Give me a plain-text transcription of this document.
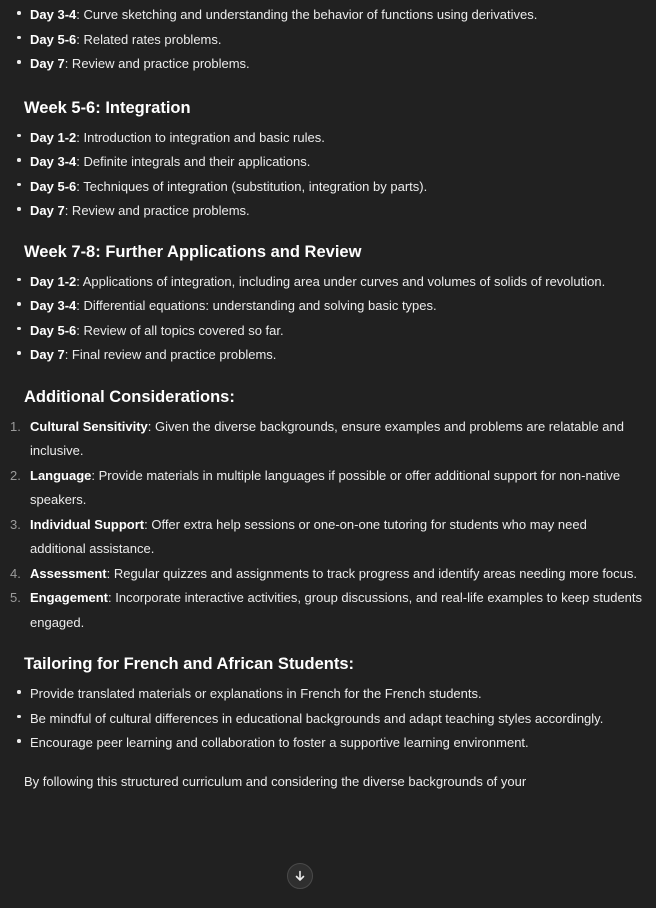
Day 3-4: Curve sketching and understanding the behavior of functions using derivatives.
Day 5-6: Related rates problems.
Day 7: Review and practice problems.
Week 5-6: Integration
Day 1-2: Introduction to integration and basic rules.
Day 3-4: Definite integrals and their applications.
Day 5-6: Techniques of integration (substitution, integration by parts).
Day 7: Review and practice problems.
Week 7-8: Further Applications and Review
Day 1-2: Applications of integration, including area under curves and volumes of solids of revolution.
Day 3-4: Differential equations: understanding and solving basic types.
Day 5-6: Review of all topics covered so far.
Day 7: Final review and practice problems.
Additional Considerations:
1. Cultural Sensitivity: Given the diverse backgrounds, ensure examples and problems are relatable and inclusive.
2. Language: Provide materials in multiple languages if possible or offer additional support for non-native speakers.
3. Individual Support: Offer extra help sessions or one-on-one tutoring for students who may need additional assistance.
4. Assessment: Regular quizzes and assignments to track progress and identify areas needing more focus.
5. Engagement: Incorporate interactive activities, group discussions, and real-life examples to keep students engaged.
Tailoring for French and African Students:
Provide translated materials or explanations in French for the French students.
Be mindful of cultural differences in educational backgrounds and adapt teaching styles accordingly.
Encourage peer learning and collaboration to foster a supportive learning environment.
By following this structured curriculum and considering the diverse backgrounds of your
